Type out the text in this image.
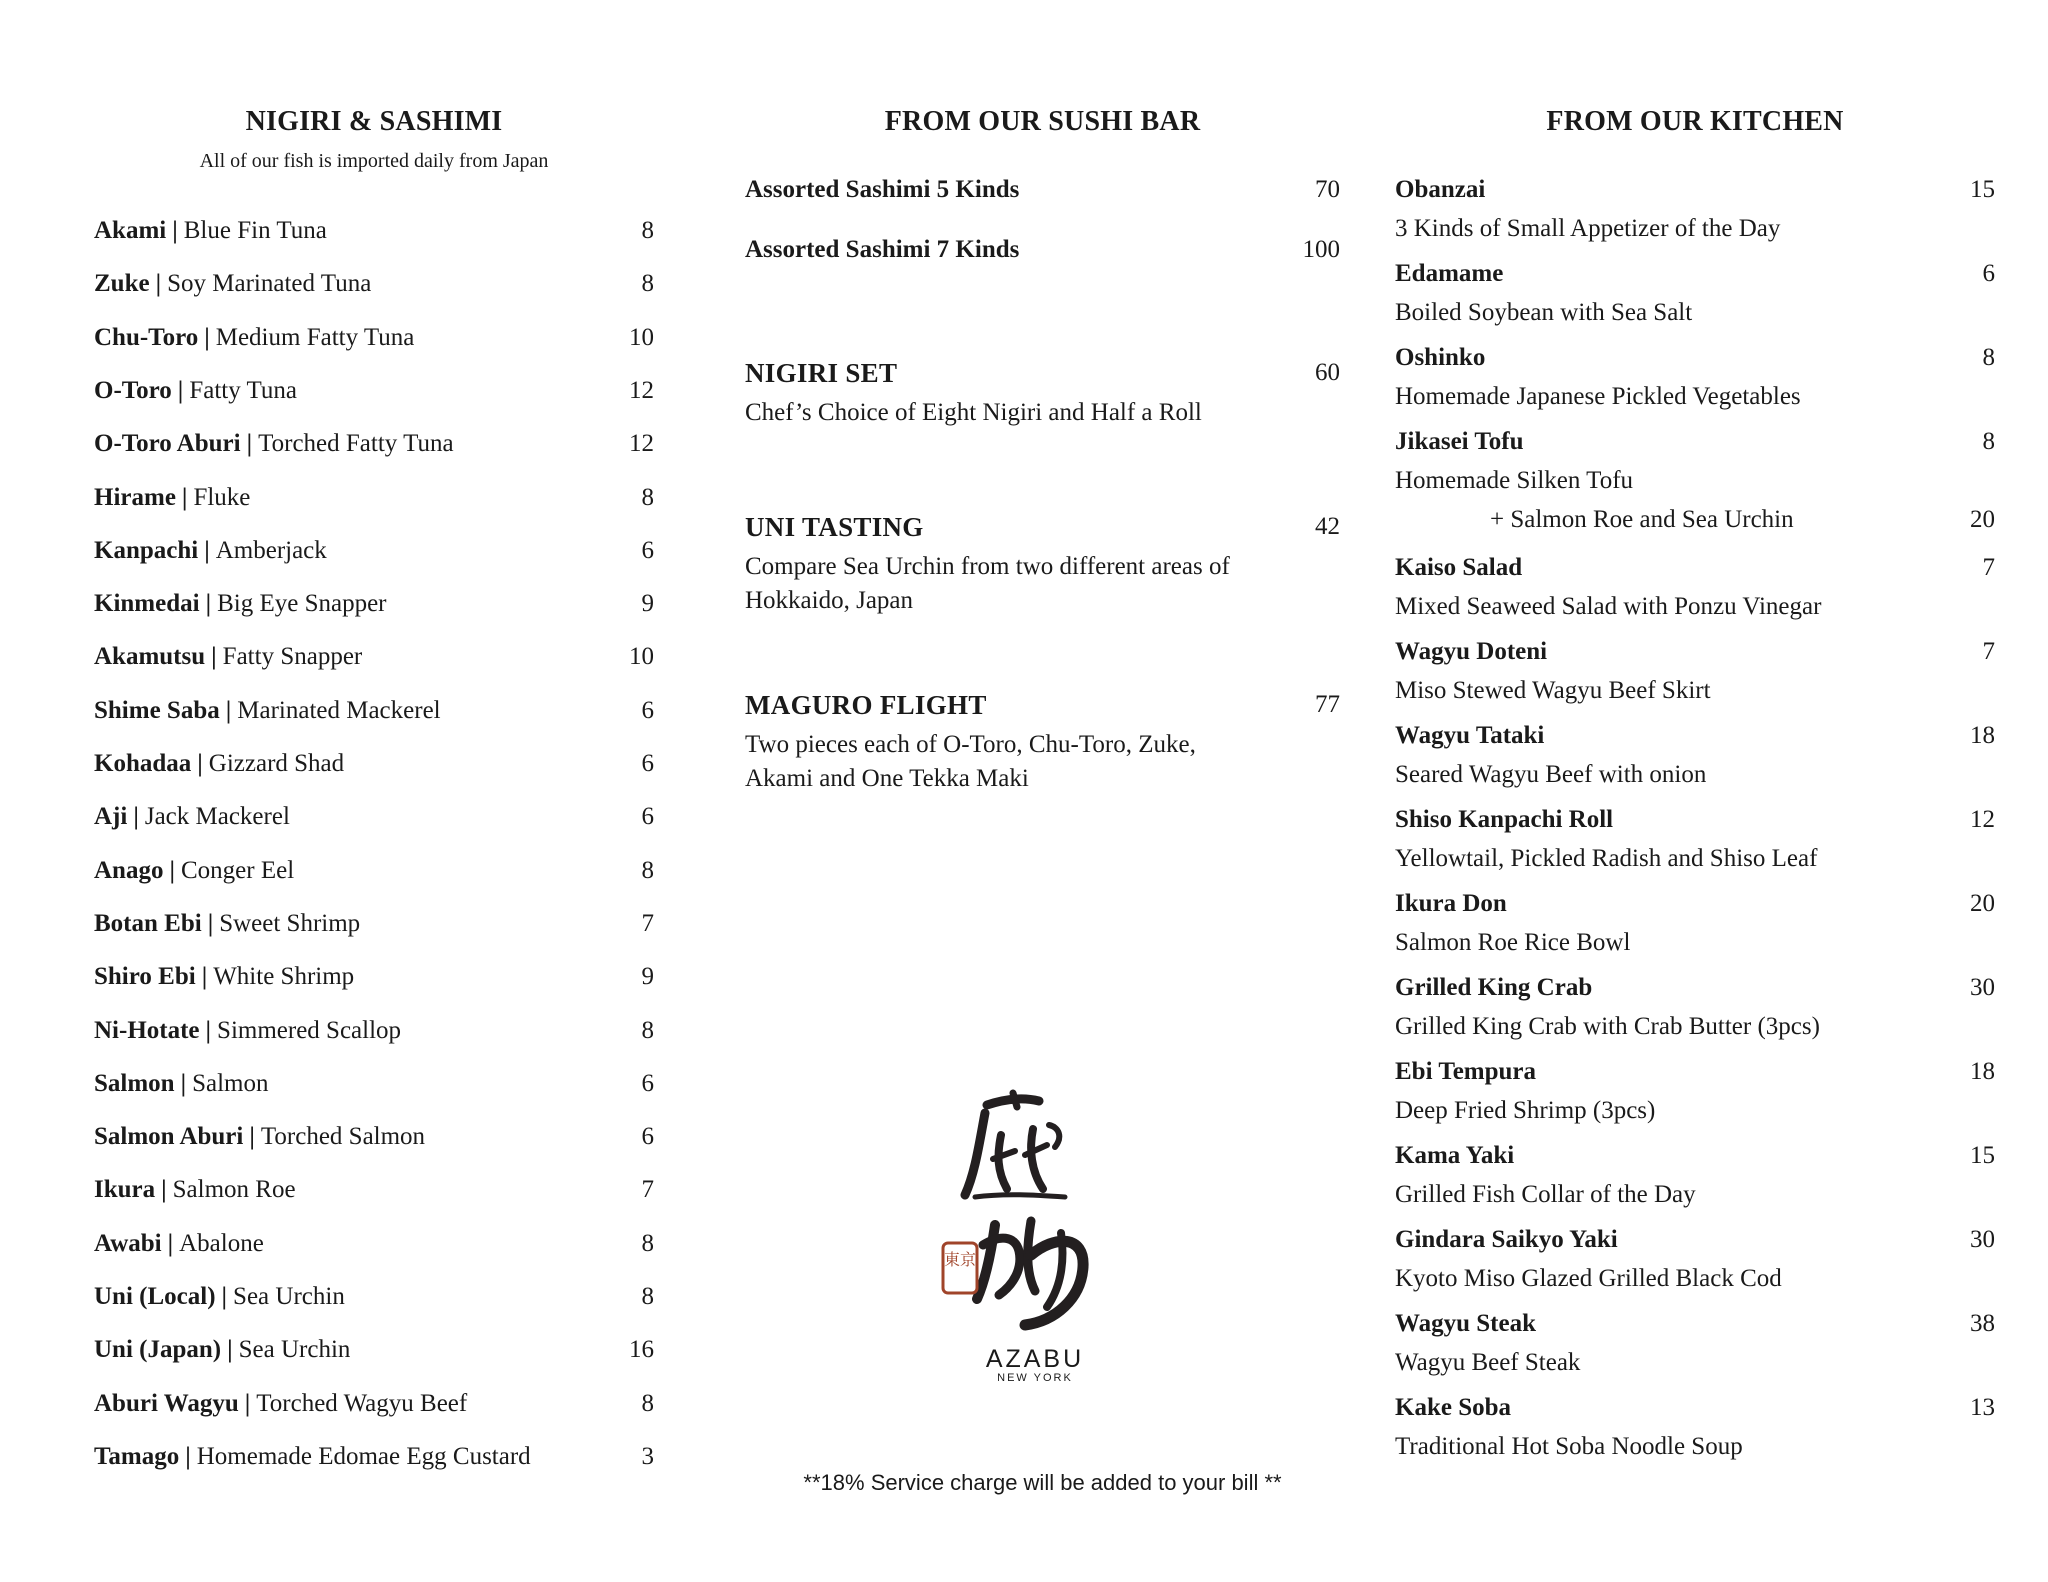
NIGIRI & SASHIMI
All of our fish is imported daily from Japan
Akami | Blue Fin Tuna	8
Zuke | Soy Marinated Tuna	8
Chu-Toro | Medium Fatty Tuna	10
O-Toro | Fatty Tuna	12
O-Toro Aburi | Torched Fatty Tuna	12
Hirame | Fluke	8
Kanpachi | Amberjack	6
Kinmedai | Big Eye Snapper	9
Akamutsu | Fatty Snapper	10
Shime Saba | Marinated Mackerel	6
Kohadaa | Gizzard Shad	6
Aji | Jack Mackerel	6
Anago | Conger Eel	8
Botan Ebi | Sweet Shrimp	7
Shiro Ebi | White Shrimp	9
Ni-Hotate | Simmered Scallop	8
Salmon | Salmon	6
Salmon Aburi | Torched Salmon	6
Ikura | Salmon Roe	7
Awabi | Abalone	8
Uni (Local) | Sea Urchin	8
Uni (Japan) | Sea Urchin	16
Aburi Wagyu | Torched Wagyu Beef	8
Tamago | Homemade Edomae Egg Custard	3
FROM OUR SUSHI BAR
Assorted Sashimi 5 Kinds	70
Assorted Sashimi 7 Kinds	100
NIGIRI SET	60
Chef’s Choice of Eight Nigiri and Half a Roll
UNI TASTING	42
Compare Sea Urchin from two different areas of
Hokkaido, Japan
MAGURO FLIGHT	77
Two pieces each of O-Toro, Chu-Toro, Zuke,
Akami and One Tekka Maki
東京
AZABU
NEW YORK
**18% Service charge will be added to your bill **
FROM OUR KITCHEN
Obanzai	15
3 Kinds of Small Appetizer of the Day
Edamame	6
Boiled Soybean with Sea Salt
Oshinko	8
Homemade Japanese Pickled Vegetables
Jikasei Tofu	8
Homemade Silken Tofu
+ Salmon Roe and Sea Urchin	20
Kaiso Salad	7
Mixed Seaweed Salad with Ponzu Vinegar
Wagyu Doteni	7
Miso Stewed Wagyu Beef Skirt
Wagyu Tataki	18
Seared Wagyu Beef with onion
Shiso Kanpachi Roll	12
Yellowtail, Pickled Radish and Shiso Leaf
Ikura Don	20
Salmon Roe Rice Bowl
Grilled King Crab	30
Grilled King Crab with Crab Butter (3pcs)
Ebi Tempura	18
Deep Fried Shrimp (3pcs)
Kama Yaki	15
Grilled Fish Collar of the Day
Gindara Saikyo Yaki	30
Kyoto Miso Glazed Grilled Black Cod
Wagyu Steak	38
Wagyu Beef Steak
Kake Soba	13
Traditional Hot Soba Noodle Soup
